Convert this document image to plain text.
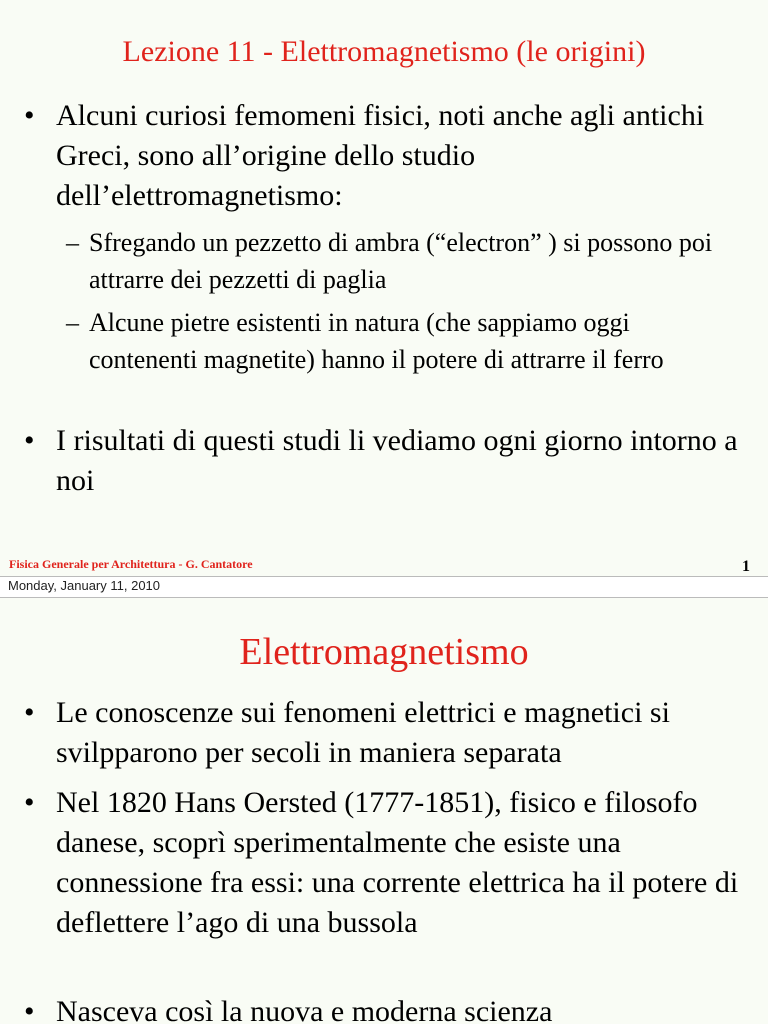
Lezione 11 - Elettromagnetismo (le origini)
• Alcuni curiosi femomeni fisici, noti anche agli antichi Greci, sono all’origine dello studio dell’elettromagnetismo:
– Sfregando un pezzetto di ambra (“electron” ) si possono poi attrarre dei pezzetti di paglia
– Alcune pietre esistenti in natura (che sappiamo oggi contenenti magnetite) hanno il potere di attrarre il ferro
• I risultati di questi studi li vediamo ogni giorno intorno a noi
Fisica Generale per Architettura - G. Cantatore	1
Monday, January 11, 2010
Elettromagnetismo
• Le conoscenze sui fenomeni elettrici e magnetici si svilpparono per secoli in maniera separata
• Nel 1820 Hans Oersted (1777-1851), fisico e filosofo danese, scoprì sperimentalmente che esiste una connessione fra essi: una corrente elettrica ha il potere di deflettere l’ago di una bussola
• Nasceva così la nuova e moderna scienza
